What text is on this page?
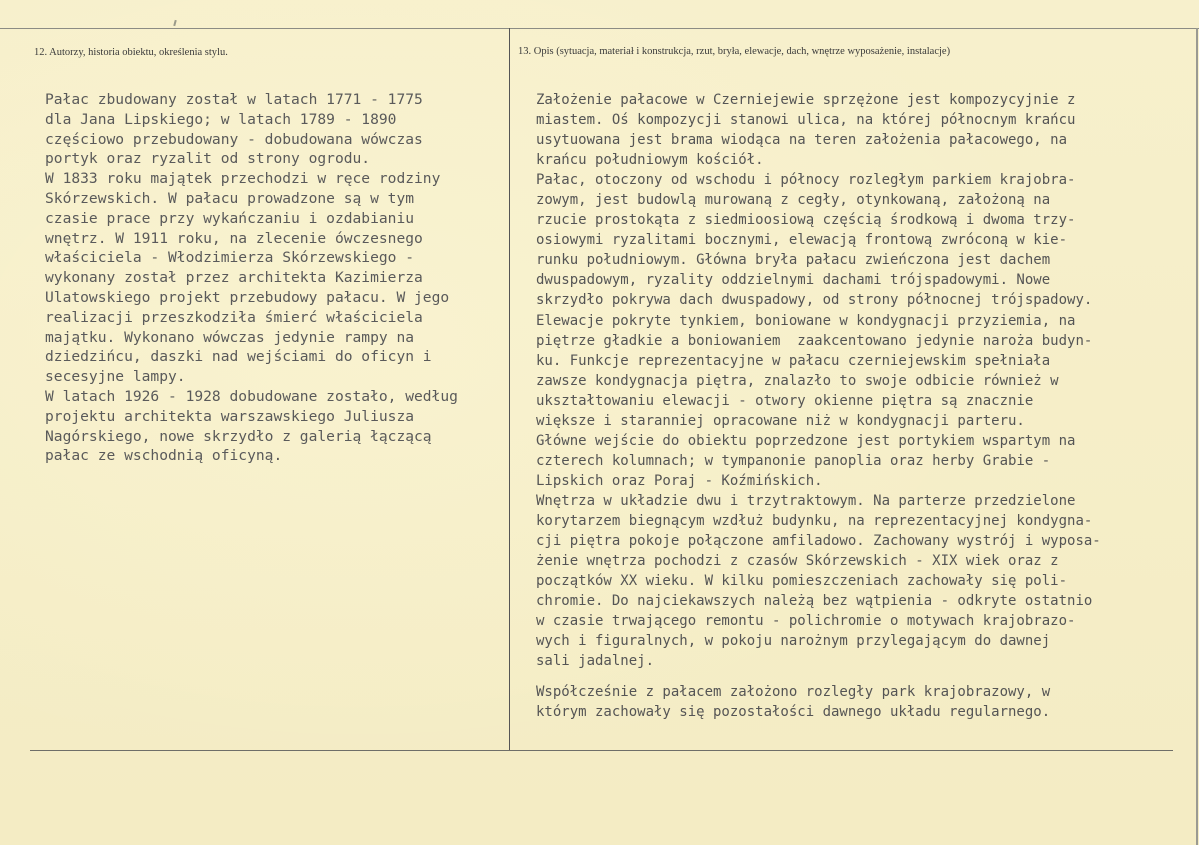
12. Autorzy, historia obiektu, określenia stylu.	13. Opis (sytuacja, materiał i konstrukcja, rzut, bryła, elewacje, dach, wnętrze wyposażenie, instalacje)
Pałac zbudowany został w latach 1771 - 1775
dla Jana Lipskiego; w latach 1789 - 1890
częściowo przebudowany - dobudowana wówczas
portyk oraz ryzalit od strony ogrodu.
W 1833 roku majątek przechodzi w ręce rodziny
Skórzewskich. W pałacu prowadzone są w tym
czasie prace przy wykańczaniu i ozdabianiu
wnętrz. W 1911 roku, na zlecenie ówczesnego
właściciela - Włodzimierza Skórzewskiego -
wykonany został przez architekta Kazimierza
Ulatowskiego projekt przebudowy pałacu. W jego
realizacji przeszkodziła śmierć właściciela
majątku. Wykonano wówczas jedynie rampy na
dziedzińcu, daszki nad wejściami do oficyn i
secesyjne lampy.
W latach 1926 - 1928 dobudowane zostało, według
projektu architekta warszawskiego Juliusza
Nagórskiego, nowe skrzydło z galerią łączącą
pałac ze wschodnią oficyną.
Założenie pałacowe w Czerniejewie sprzężone jest kompozycyjnie z
miastem. Oś kompozycji stanowi ulica, na której północnym krańcu
usytuowana jest brama wiodąca na teren założenia pałacowego, na
krańcu południowym kościół.
Pałac, otoczony od wschodu i północy rozległym parkiem krajobra-
zowym, jest budowlą murowaną z cegły, otynkowaną, założoną na
rzucie prostokąta z siedmioosiową częścią środkową i dwoma trzy-
osiowymi ryzalitami bocznymi, elewacją frontową zwróconą w kie-
runku południowym. Główna bryła pałacu zwieńczona jest dachem
dwuspadowym, ryzality oddzielnymi dachami trójspadowymi. Nowe
skrzydło pokrywa dach dwuspadowy, od strony północnej trójspadowy.
Elewacje pokryte tynkiem, boniowane w kondygnacji przyziemia, na
piętrze gładkie a boniowaniem  zaakcentowano jedynie naroża budyn-
ku. Funkcje reprezentacyjne w pałacu czerniejewskim spełniała
zawsze kondygnacja piętra, znalazło to swoje odbicie również w
ukształtowaniu elewacji - otwory okienne piętra są znacznie
większe i staranniej opracowane niż w kondygnacji parteru.
Główne wejście do obiektu poprzedzone jest portykiem wspartym na
czterech kolumnach; w tympanonie panoplia oraz herby Grabie -
Lipskich oraz Poraj - Koźmińskich.
Wnętrza w układzie dwu i trzytraktowym. Na parterze przedzielone
korytarzem biegnącym wzdłuż budynku, na reprezentacyjnej kondygna-
cji piętra pokoje połączone amfiladowo. Zachowany wystrój i wyposa-
żenie wnętrza pochodzi z czasów Skórzewskich - XIX wiek oraz z
początków XX wieku. W kilku pomieszczeniach zachowały się poli-
chromie. Do najciekawszych należą bez wątpienia - odkryte ostatnio
w czasie trwającego remontu - polichromie o motywach krajobrazo-
wych i figuralnych, w pokoju narożnym przylegającym do dawnej
sali jadalnej.
Współcześnie z pałacem założono rozległy park krajobrazowy, w
którym zachowały się pozostałości dawnego układu regularnego.
